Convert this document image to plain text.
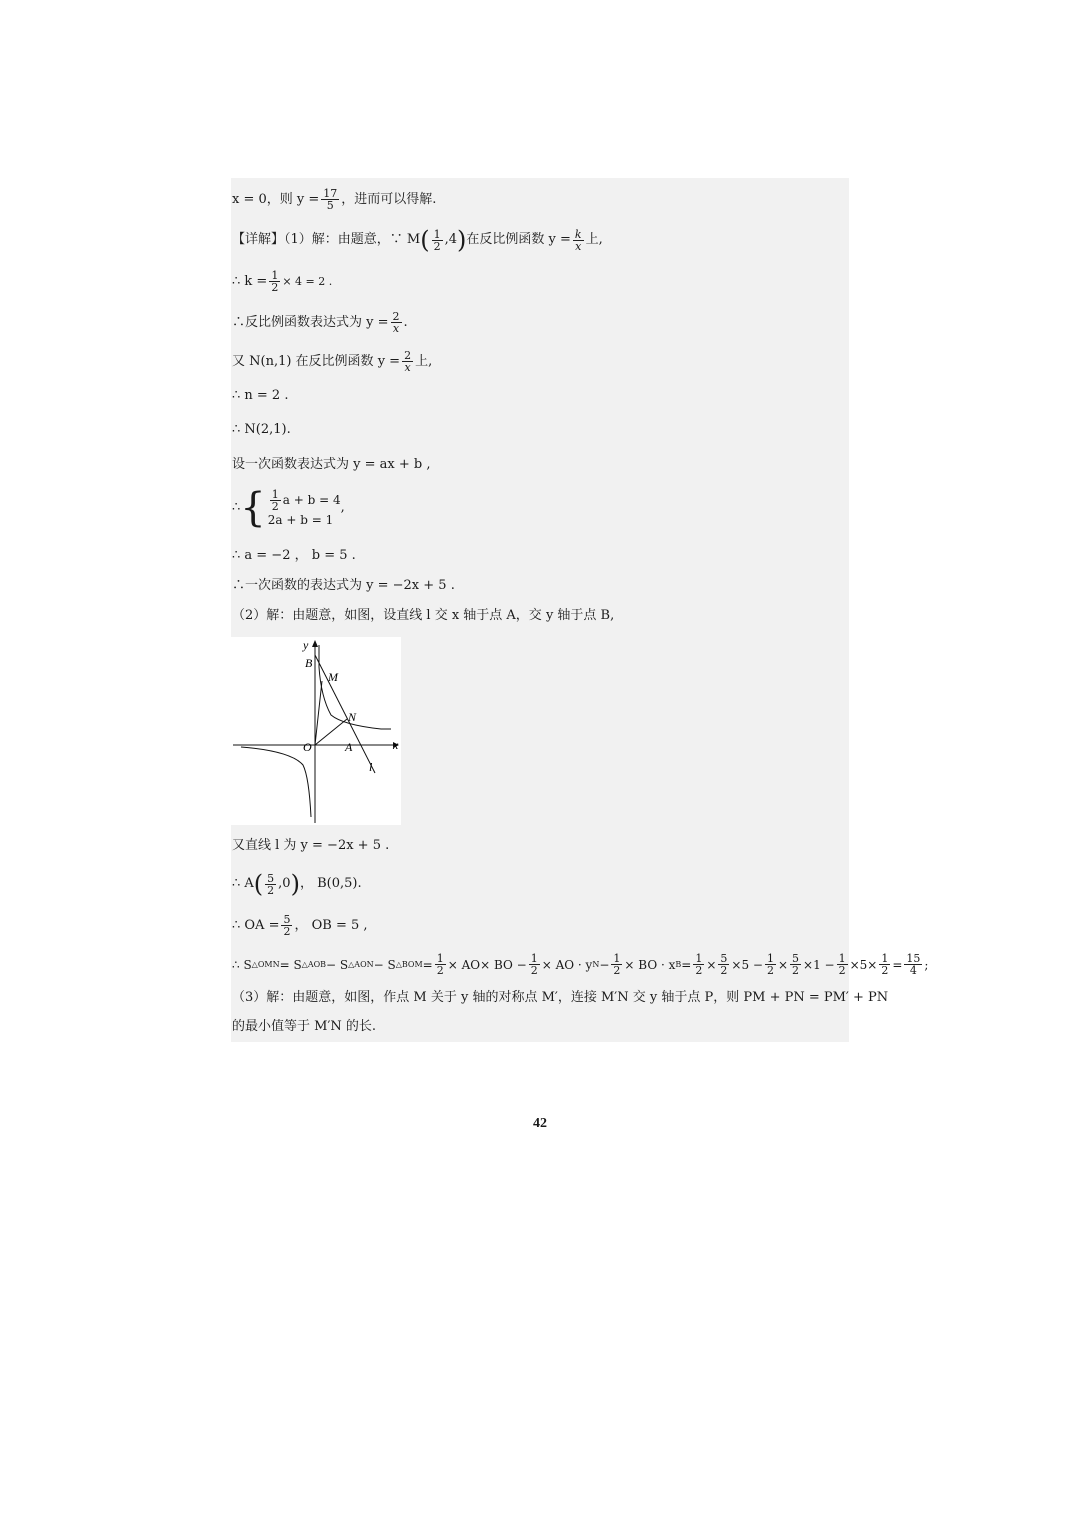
x = 0，则 $y = \frac{17}{5}$ ，进而可以得解.
【详解】（1）解：由题意，∵ M ( $\frac{1}{2} ,4$ ) 在反比例函数 $y = \frac{k}{x}$ 上,
∴ $k = \frac{1}{2} \times 4 = 2$ .
∴反比例函数表达式为 $y = \frac{2}{x}$ .
又 N(n,1) 在反比例函数 $y = \frac{2}{x}$ 上,
∴ n = 2 .
∴ N(2,1).
设一次函数表达式为 y = ax + b ,
∴ { $\frac{1}{2}$ a + b = 4
2a + b = 1
,
∴ a = −2 ， b = 5 .
∴一次函数的表达式为 y = −2x + 5 .
（2）解：由题意，如图，设直线 l 交 x 轴于点 A，交 y 轴于点 B,
y
x
O	A
B
M
N
l
又直线 l 为 y = −2x + 5 .
∴ A ( $\frac{5}{2} ,0$ ) ， B(0,5).
∴ OA = $\frac{5}{2}$ ， OB = 5 ,
∴ S △OMN = S △AOB − S △AON − S △BOM = $\frac{1}{2} \times AO\times$ BO − $\frac{1}{2}$ × AO · y $N - \frac{1}{2}$ × BO · x $B = \frac{1}{2} \times \frac{5}{2} \times 5 - \frac{1}{2} \times \frac{5}{2} \times 1 - \frac{1}{2} \times 5\times \frac{1}{2} = \frac{15}{4}$ ;
（3）解：由题意，如图，作点 M 关于 y 轴的对称点 M′，连接 M′N 交 y 轴于点 P，则 PM + PN = PM′ + PN
的最小值等于 M′N 的长.
42
